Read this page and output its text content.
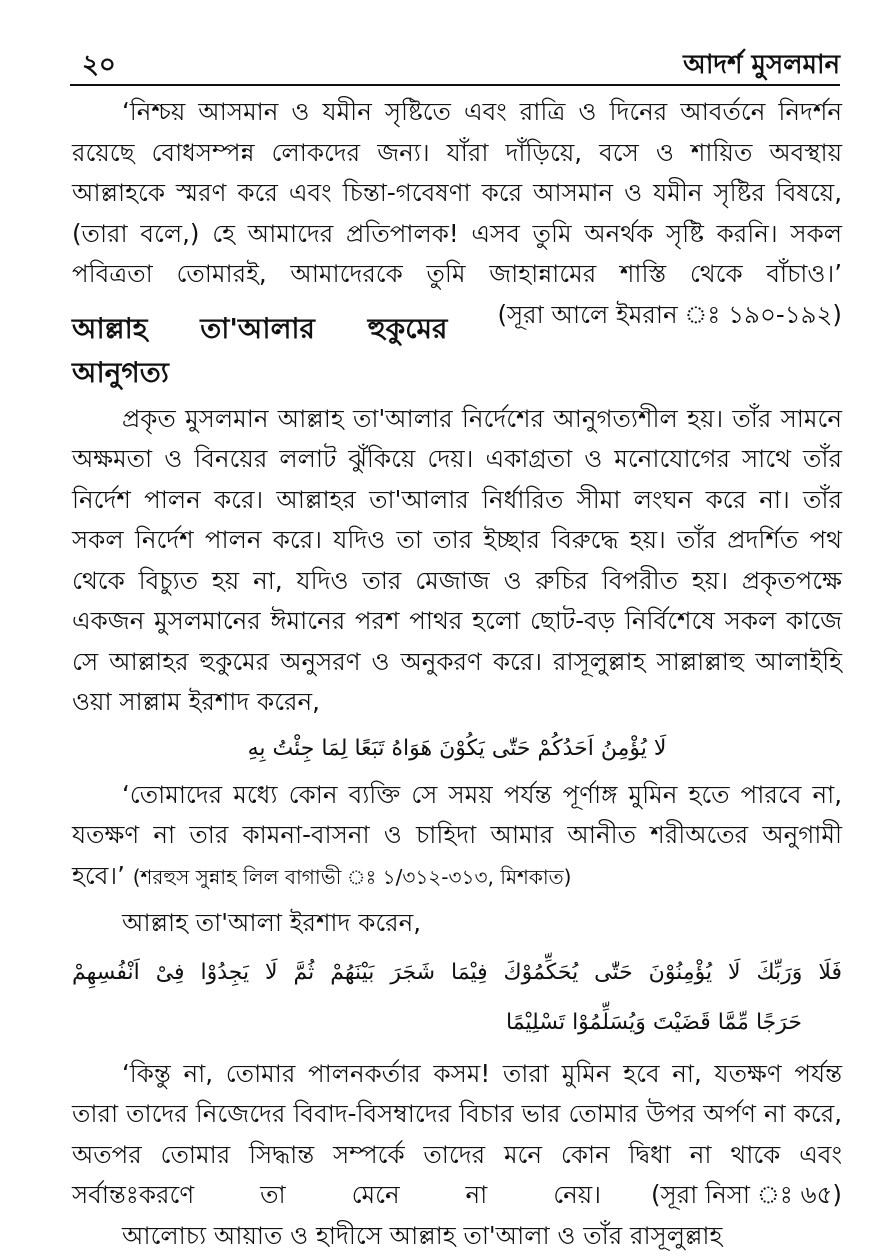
২০	আদর্শ মুসলমান

‘নিশ্চয় আসমান ও যমীন সৃষ্টিতে এবং রাত্রি ও দিনের আবর্তনে নিদর্শন রয়েছে বোধসম্পন্ন লোকদের জন্য। যাঁরা দাঁড়িয়ে, বসে ও শায়িত অবস্থায় আল্লাহকে স্মরণ করে এবং চিন্তা-গবেষণা করে আসমান ও যমীন সৃষ্টির বিষয়ে, (তারা বলে,) হে আমাদের প্রতিপালক! এসব তুমি অনর্থক সৃষ্টি করনি। সকল পবিত্রতা তোমারই, আমাদেরকে তুমি জাহান্নামের শাস্তি থেকে বাঁচাও।’
(সূরা আলে ইমরান ঃ ১৯০-১৯২)

আল্লাহ তা'আলার হুকুমের আনুগত্য

প্রকৃত মুসলমান আল্লাহ তা'আলার নির্দেশের আনুগত্যশীল হয়। তাঁর সামনে অক্ষমতা ও বিনয়ের ললাট ঝুঁকিয়ে দেয়। একাগ্রতা ও মনোযোগের সাথে তাঁর নির্দেশ পালন করে। আল্লাহর তা'আলার নির্ধারিত সীমা লংঘন করে না। তাঁর সকল নির্দেশ পালন করে। যদিও তা তার ইচ্ছার বিরুদ্ধে হয়। তাঁর প্রদর্শিত পথ থেকে বিচ্যুত হয় না, যদিও তার মেজাজ ও রুচির বিপরীত হয়। প্রকৃতপক্ষে একজন মুসলমানের ঈমানের পরশ পাথর হলো ছোট-বড় নির্বিশেষে সকল কাজে সে আল্লাহর হুকুমের অনুসরণ ও অনুকরণ করে। রাসূলুল্লাহ সাল্লাল্লাহু আলাইহি ওয়া সাল্লাম ইরশাদ করেন,

لَا يُؤْمِنُ اَحَدُكُمْ حَتّٰى يَكُوْنَ هَوَاهُ تَبَعًا لِمَا جِئْتُ بِهِ

‘তোমাদের মধ্যে কোন ব্যক্তি সে সময় পর্যন্ত পূর্ণাঙ্গ মুমিন হতে পারবে না, যতক্ষণ না তার কামনা-বাসনা ও চাহিদা আমার আনীত শরীঅতের অনুগামী হবে।’ (শরহুস সুন্নাহ লিল বাগাভী ঃ ১/৩১২-৩১৩, মিশকাত)

আল্লাহ তা'আলা ইরশাদ করেন,

فَلَا وَرَبِّكَ لَا يُؤْمِنُوْنَ حَتّٰى يُحَكِّمُوْكَ فِيْمَا شَجَرَ بَيْنَهُمْ ثُمَّ لَا يَجِدُوْا فِىْ اَنْفُسِهِمْ
حَرَجًا مِّمَّا قَضَيْتَ وَيُسَلِّمُوْا تَسْلِيْمًا

‘কিন্তু না, তোমার পালনকর্তার কসম! তারা মুমিন হবে না, যতক্ষণ পর্যন্ত তারা তাদের নিজেদের বিবাদ-বিসম্বাদের বিচার ভার তোমার উপর অর্পণ না করে, অতপর তোমার সিদ্ধান্ত সম্পর্কে তাদের মনে কোন দ্বিধা না থাকে এবং সর্বান্তঃকরণে তা মেনে না নেয়।	(সূরা নিসা ঃ ৬৫)

আলোচ্য আয়াত ও হাদীসে আল্লাহ তা'আলা ও তাঁর রাসূলুল্লাহ
